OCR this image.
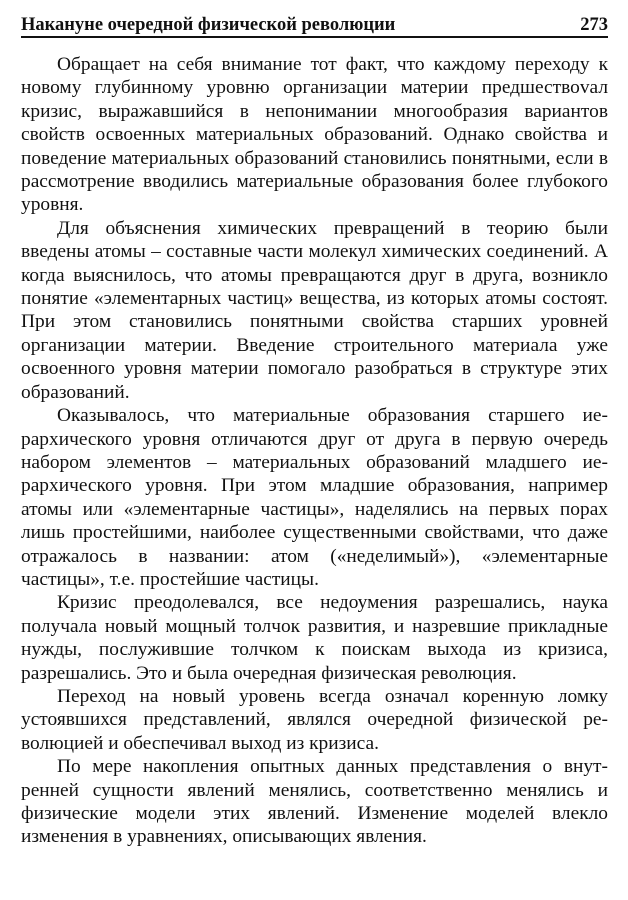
Накануне очередной физической революции	273

Обращает на себя внимание тот факт, что каждому переходу к новому глубинному уровню организации материи предшествоvал кризис, выражавшийся в непонимании многообразия вариантов свойств освоенных материальных образований. Однако свойства и поведение материальных образований становились понятными, если в рассмотрение вводились материальные образования более глубокого уровня.

Для объяснения химических превращений в теорию были введены атомы – составные части молекул химических соединений. А когда выяснилось, что атомы превращаются друг в друга, возникло понятие «элементарных частиц» вещества, из которых атомы состоят. При этом становились понятными свойства старших уровней организации материи. Введение строительного материала уже освоенного уровня материи помогало разобраться в структуре этих образований.

Оказывалось, что материальные образования старшего иерархического уровня отличаются друг от друга в первую очередь набором элементов – материальных образований младшего иерархического уровня. При этом младшие образования, например атомы или «элементарные частицы», наделялись на первых порах лишь простейшими, наиболее существенными свойствами, что даже отражалось в названии: атом («неделимый»), «элементарные частицы», т.е. простейшие частицы.

Кризис преодолевался, все недоумения разрешались, наука получала новый мощный толчок развития, и назревшие прикладные нужды, послужившие толчком к поискам выхода из кризиса, разрешались. Это и была очередная физическая революция.

Переход на новый уровень всегда означал коренную ломку устоявшихся представлений, являлся очередной физической революцией и обеспечивал выход из кризиса.

По мере накопления опытных данных представления о внутренней сущности явлений менялись, соответственно менялись и физические модели этих явлений. Изменение моделей влекло изменения в уравнениях, описывающих явления.
